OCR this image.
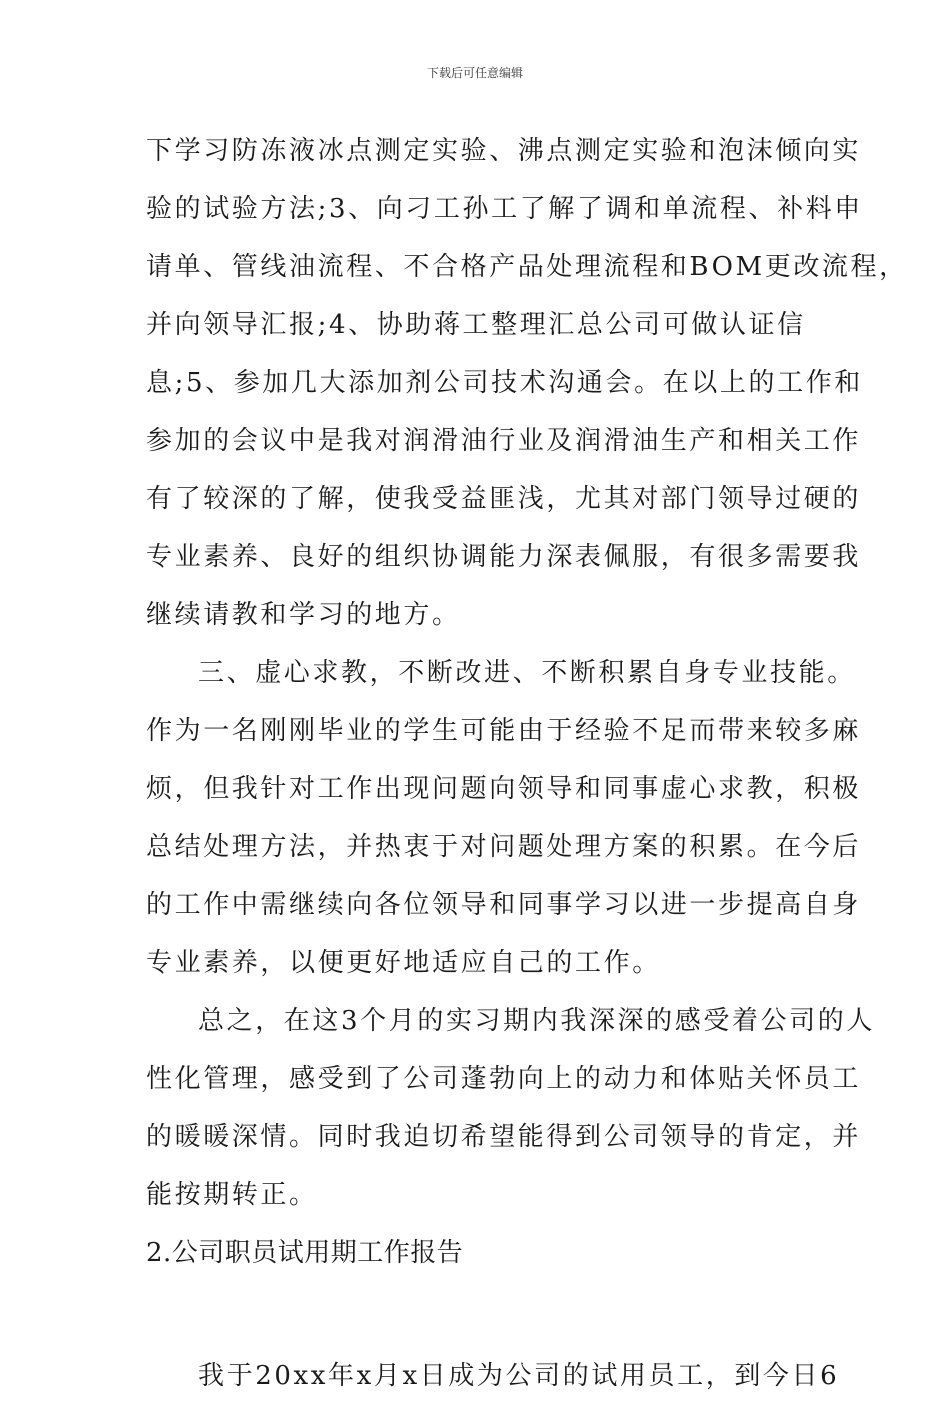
下载后可任意编辑
下学习防冻液冰点测定实验、沸点测定实验和泡沫倾向实
验的试验方法;3、向刁工孙工了解了调和单流程、补料申
请单、管线油流程、不合格产品处理流程和BOM更改流程，
并向领导汇报;4、协助蒋工整理汇总公司可做认证信
息;5、参加几大添加剂公司技术沟通会。在以上的工作和
参加的会议中是我对润滑油行业及润滑油生产和相关工作
有了较深的了解，使我受益匪浅，尤其对部门领导过硬的
专业素养、良好的组织协调能力深表佩服，有很多需要我
继续请教和学习的地方。
三、虚心求教，不断改进、不断积累自身专业技能。
作为一名刚刚毕业的学生可能由于经验不足而带来较多麻
烦，但我针对工作出现问题向领导和同事虚心求教，积极
总结处理方法，并热衷于对问题处理方案的积累。在今后
的工作中需继续向各位领导和同事学习以进一步提高自身
专业素养，以便更好地适应自己的工作。
总之，在这3个月的实习期内我深深的感受着公司的人
性化管理，感受到了公司蓬勃向上的动力和体贴关怀员工
的暖暖深情。同时我迫切希望能得到公司领导的肯定，并
能按期转正。
2.公司职员试用期工作报告
我于20xx年x月x日成为公司的试用员工，到今日6
